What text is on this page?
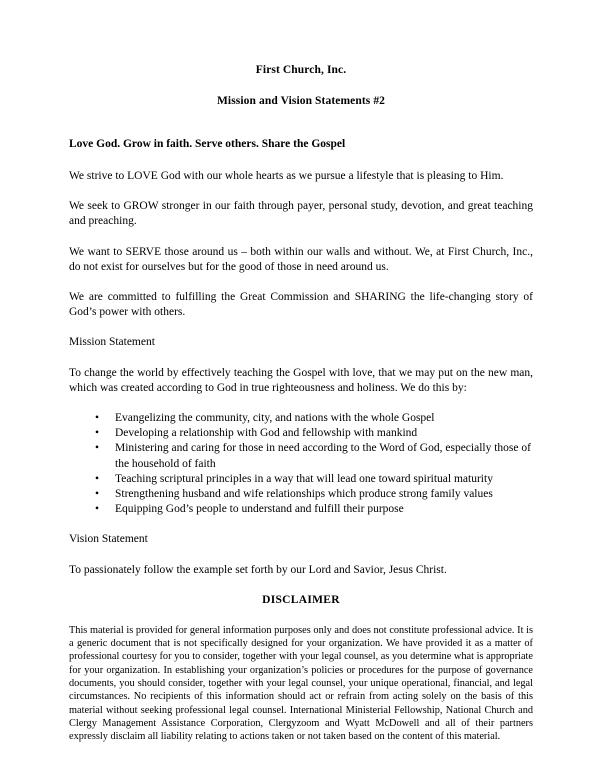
First Church, Inc.
Mission and Vision Statements #2
Love God. Grow in faith. Serve others. Share the Gospel

We strive to LOVE God with our whole hearts as we pursue a lifestyle that is pleasing to Him.

We seek to GROW stronger in our faith through payer, personal study, devotion, and great teaching and preaching.

We want to SERVE those around us – both within our walls and without. We, at First Church, Inc., do not exist for ourselves but for the good of those in need around us.

We are committed to fulfilling the Great Commission and SHARING the life-changing story of God’s power with others.

Mission Statement

To change the world by effectively teaching the Gospel with love, that we may put on the new man, which was created according to God in true righteousness and holiness. We do this by:

• Evangelizing the community, city, and nations with the whole Gospel
• Developing a relationship with God and fellowship with mankind
• Ministering and caring for those in need according to the Word of God, especially those of the household of faith
• Teaching scriptural principles in a way that will lead one toward spiritual maturity
• Strengthening husband and wife relationships which produce strong family values
• Equipping God’s people to understand and fulfill their purpose
Vision Statement

To passionately follow the example set forth by our Lord and Savior, Jesus Christ.

DISCLAIMER

This material is provided for general information purposes only and does not constitute professional advice. It is a generic document that is not specifically designed for your organization. We have provided it as a matter of professional courtesy for you to consider, together with your legal counsel, as you determine what is appropriate for your organization. In establishing your organization’s policies or procedures for the purpose of governance documents, you should consider, together with your legal counsel, your unique operational, financial, and legal circumstances. No recipients of this information should act or refrain from acting solely on the basis of this material without seeking professional legal counsel. International Ministerial Fellowship, National Church and Clergy Management Assistance Corporation, Clergyzoom and Wyatt McDowell and all of their partners expressly disclaim all liability relating to actions taken or not taken based on the content of this material.
